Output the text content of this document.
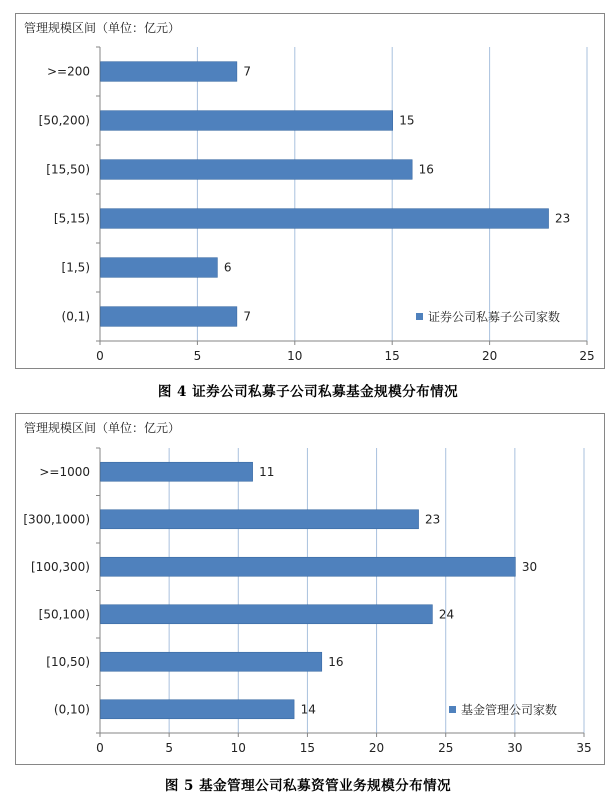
管理规模区间（单位：亿元）
0	5	10	15	20	25
>=200	7
[50,200)	15
[15,50)	16
[5,15)	23
[1,5)	6
(0,1)	7	证券公司私募子公司家数
图 4 证券公司私募子公司私募基金规模分布情况
管理规模区间（单位：亿元）
0	5	10	15	20	25	30	35
>=1000	11
[300,1000)	23
[100,300)	30
[50,100)	24
[10,50)	16
(0,10)	14	基金管理公司家数
图 5 基金管理公司私募资管业务规模分布情况
